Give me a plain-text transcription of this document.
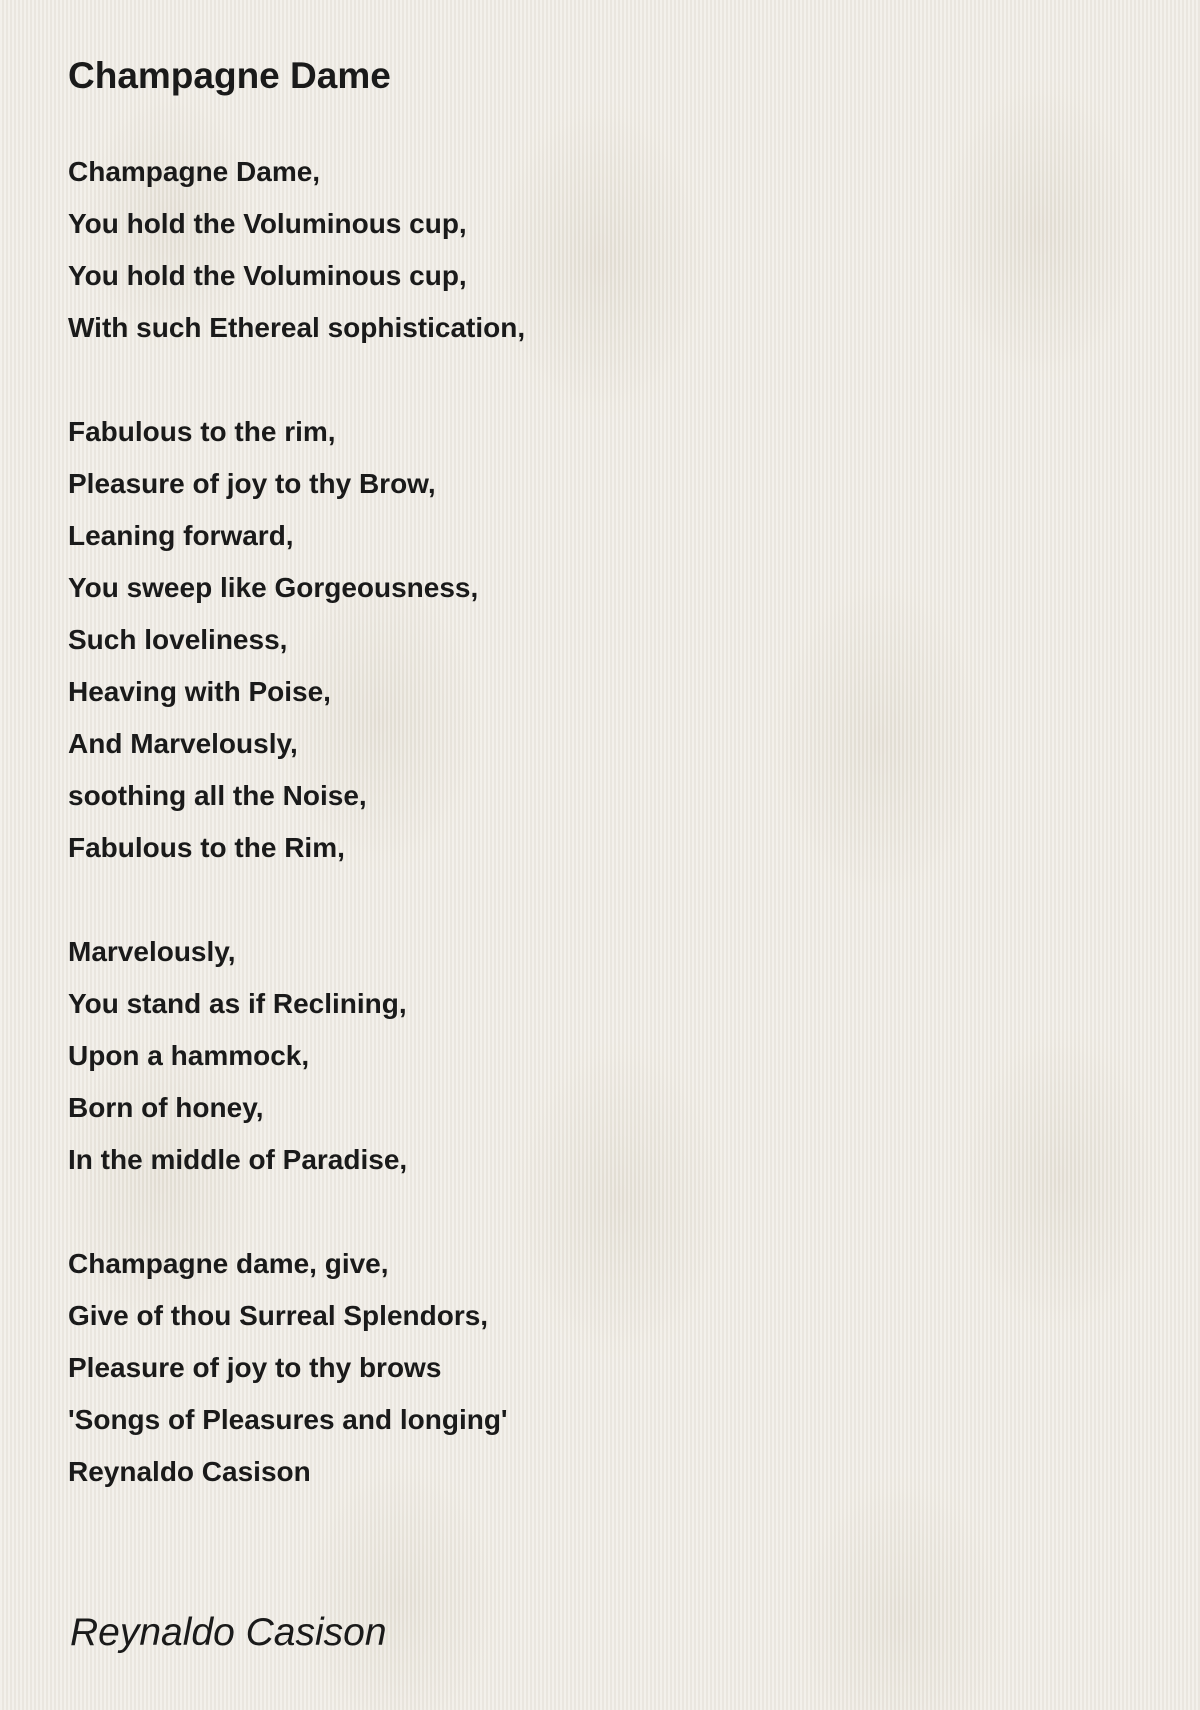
Champagne Dame

Champagne Dame,
You hold the Voluminous cup,
You hold the Voluminous cup,
With such Ethereal sophistication,

Fabulous to the rim,
Pleasure of joy to thy Brow,
Leaning forward,
You sweep like Gorgeousness,
Such loveliness,
Heaving with Poise,
And Marvelously,
soothing all the Noise,
Fabulous to the Rim,

Marvelously,
You stand as if Reclining,
Upon a hammock,
Born of honey,
In the middle of Paradise,

Champagne dame, give,
Give of thou Surreal Splendors,
Pleasure of joy to thy brows
'Songs of Pleasures and longing'
Reynaldo Casison

Reynaldo Casison
